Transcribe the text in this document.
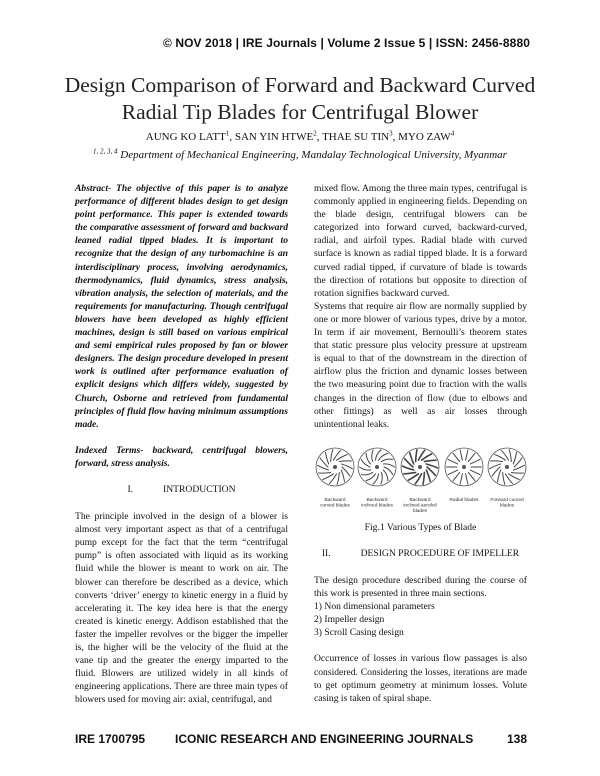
© NOV 2018 | IRE Journals | Volume 2 Issue 5 | ISSN: 2456-8880
Design Comparison of Forward and Backward Curved
Radial Tip Blades for Centrifugal Blower
AUNG KO LATT$^1$, SAN YIN HTWE$^2$, THAE SU TIN$^3$, MYO ZAW$^4$
$^{1, 2, 3, 4}$ Department of Mechanical Engineering, Mandalay Technological University, Myanmar

Abstract- The objective of this paper is to analyze performance of different blades design to get design point performance. This paper is extended towards the comparative assessment of forward and backward leaned radial tipped blades. It is important to recognize that the design of any turbomachine is an interdisciplinary process, involving aerodynamics, thermodynamics, fluid dynamics, stress analysis, vibration analysis, the selection of materials, and the requirements for manufacturing. Though centrifugal blowers have been developed as highly efficient machines, design is still based on various empirical and semi empirical rules proposed by fan or blower designers. The design procedure developed in present work is outlined after performance evaluation of explicit designs which differs widely, suggested by Church, Osborne and retrieved from fundamental principles of fluid flow having minimum assumptions made.

Indexed Terms- backward, centrifugal blowers, forward, stress analysis.

I.	INTRODUCTION

The principle involved in the design of a blower is almost very important aspect as that of a centrifugal pump except for the fact that the term “centrifugal pump” is often associated with liquid as its working fluid while the blower is meant to work on air. The blower can therefore be described as a device, which converts ‘driver’ energy to kinetic energy in a fluid by accelerating it. The key idea here is that the energy created is kinetic energy. Addison established that the faster the impeller revolves or the bigger the impeller is, the higher will be the velocity of the fluid at the vane tip and the greater the energy imparted to the fluid. Blowers are utilized widely in all kinds of engineering applications. There are three main types of blowers used for moving air: axial, centrifugal, and

mixed flow. Among the three main types, centrifugal is commonly applied in engineering fields. Depending on the blade design, centrifugal blowers can be categorized into forward curved, backward-curved, radial, and airfoil types. Radial blade with curved surface is known as radial tipped blade. It is a forward curved radial tipped, if curvature of blade is towards the direction of rotations but opposite to direction of rotation signifies backward curved.

Systems that require air flow are normally supplied by one or more blower of various types, drive by a motor. In term if air movement, Bernoulli’s theorem states that static pressure plus velocity pressure at upstream is equal to that of the downstream in the direction of airflow plus the friction and dynamic losses between the two measuring point due to fraction with the walls changes in the direction of flow (due to elbows and other fittings) as well as air losses through unintentional leaks.

Backward curved blades
Backward inclined blades
Backward inclined aerofoil blades
Radial blades Forward curved blades

Fig.1 Various Types of Blade

II.	DESIGN PROCEDURE OF IMPELLER

The design procedure described during the course of this work is presented in three main sections.

1) Non dimensional parameters
2) Impeller design
3) Scroll Casing design

Occurrence of losses in various flow passages is also considered. Considering the losses, iterations are made to get optimum geometry at minimum losses. Volute casing is taken of spiral shape.

IRE 1700795 ICONIC RESEARCH AND ENGINEERING JOURNALS	138
